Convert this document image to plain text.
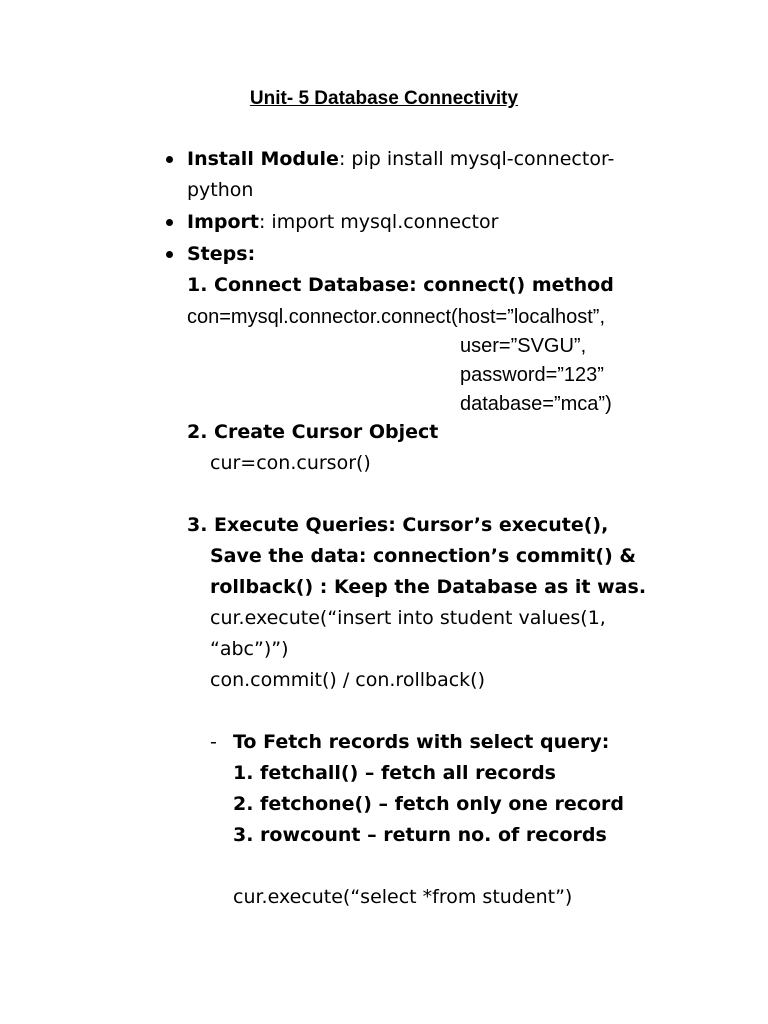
Unit- 5 Database Connectivity
Install Module: pip install mysql-connector-
python
Import: import mysql.connector
Steps:
1. Connect Database: connect() method
con=mysql.connector.connect(host=”localhost”,
user=”SVGU”,
password=”123”
database=”mca”)
2. Create Cursor Object
cur=con.cursor()
3. Execute Queries: Cursor’s execute(),
Save the data: connection’s commit() &
rollback() : Keep the Database as it was.
cur.execute(“insert into student values(1,
“abc”)”)
con.commit() / con.rollback()
- To Fetch records with select query:
1. fetchall() – fetch all records
2. fetchone() – fetch only one record
3. rowcount – return no. of records
cur.execute(“select *from student”)
